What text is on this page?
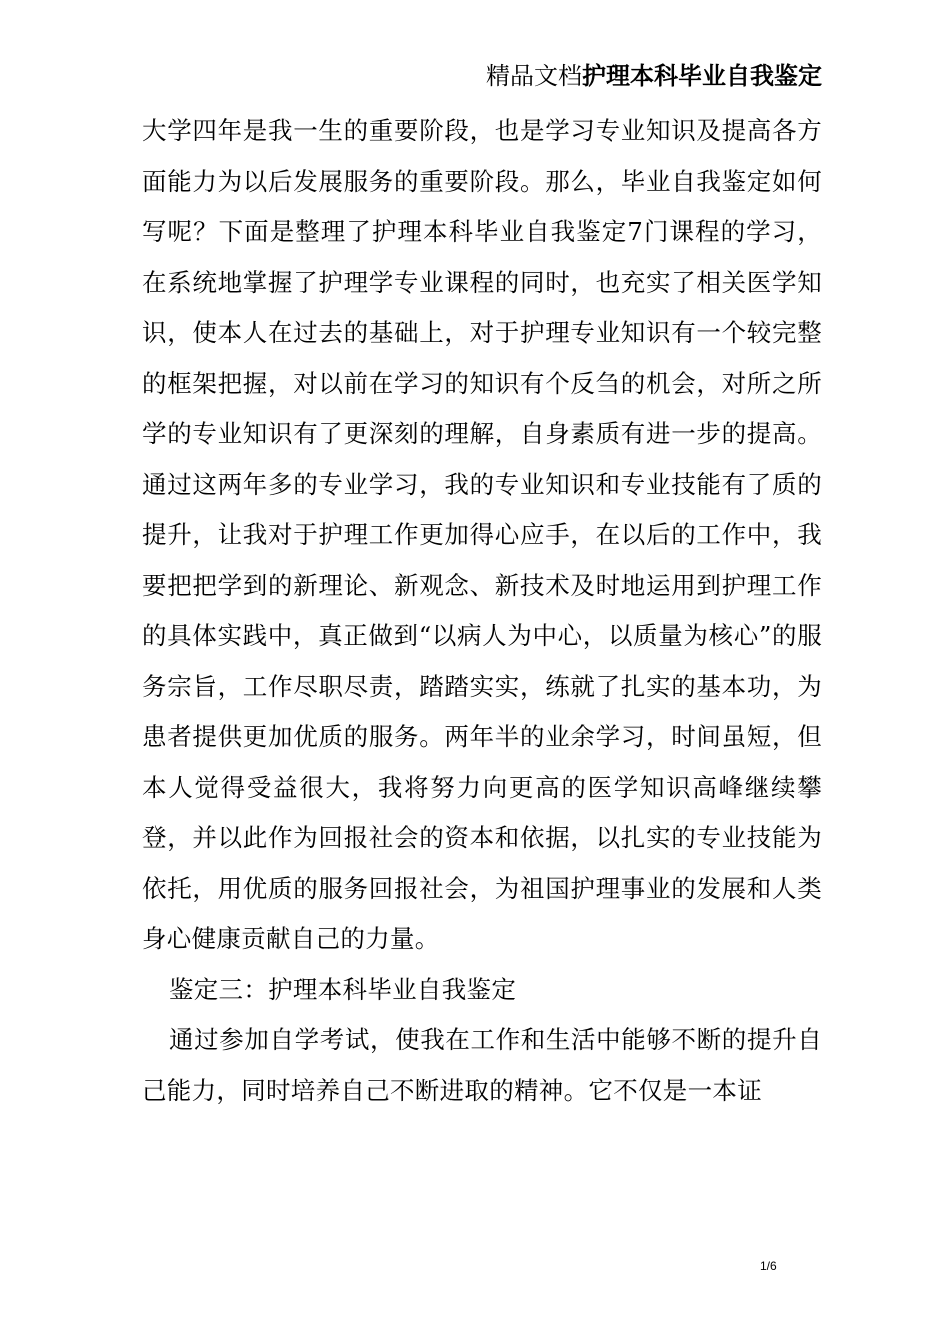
精品文档护理本科毕业自我鉴定

大学四年是我一生的重要阶段，也是学习专业知识及提高各方面能力为以后发展服务的重要阶段。那么，毕业自我鉴定如何写呢？下面是整理了护理本科毕业自我鉴定7门课程的学习，在系统地掌握了护理学专业课程的同时，也充实了相关医学知识，使本人在过去的基础上，对于护理专业知识有一个较完整的框架把握，对以前在学习的知识有个反刍的机会，对所之所学的专业知识有了更深刻的理解，自身素质有进一步的提高。通过这两年多的专业学习，我的专业知识和专业技能有了质的提升，让我对于护理工作更加得心应手，在以后的工作中，我要把把学到的新理论、新观念、新技术及时地运用到护理工作的具体实践中，真正做到“以病人为中心，以质量为核心”的服务宗旨，工作尽职尽责，踏踏实实，练就了扎实的基本功，为患者提供更加优质的服务。两年半的业余学习，时间虽短，但本人觉得受益很大，我将努力向更高的医学知识高峰继续攀登，并以此作为回报社会的资本和依据，以扎实的专业技能为依托，用优质的服务回报社会，为祖国护理事业的发展和人类身心健康贡献自己的力量。

鉴定三：护理本科毕业自我鉴定

通过参加自学考试，使我在工作和生活中能够不断的提升自己能力，同时培养自己不断进取的精神。它不仅是一本证

1/6
